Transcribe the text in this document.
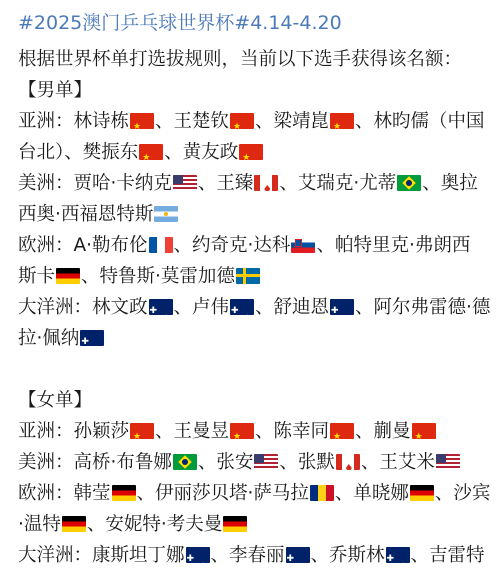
#2025澳门乒乓球世界杯#4.14-4.20
根据世界杯单打选拔规则，当前以下选手获得该名额：
【男单】
亚洲：林诗栋 ★ 、王楚钦 ★ 、梁靖崑 ★ 、林昀儒（中国
台北）、樊振东 ★ 、黄友政★
美洲：贾哈·卡纳克 、王臻 ♦ 、艾瑞克·尤蒂 、奥拉
西奥·西福恩特斯
欧洲：A·勒布伦 、约奇克·达科 、帕特里克·弗朗西
斯卡 、特鲁斯·莫雷加德
大洋洲：林文政 ✚ ★ 、卢伟 ✚ ★ 、舒迪恩 ✚ ★ 、阿尔弗雷德·德
拉·佩纳✚ ★
【女单】
亚洲：孙颖莎 ★ 、王曼昱 ★ 、陈幸同 ★ 、蒯曼★
美洲：高桥·布鲁娜 、张安 、张默 ♦ 、王艾米
欧洲：韩莹 、伊丽莎贝塔·萨马拉 、单晓娜 、沙宾
·温特 、安妮特·考夫曼
大洋洲：康斯坦丁娜 ✚ ★ 、李春丽 ✚ ★ 、乔斯林 ✚ ★ 、吉雷特
